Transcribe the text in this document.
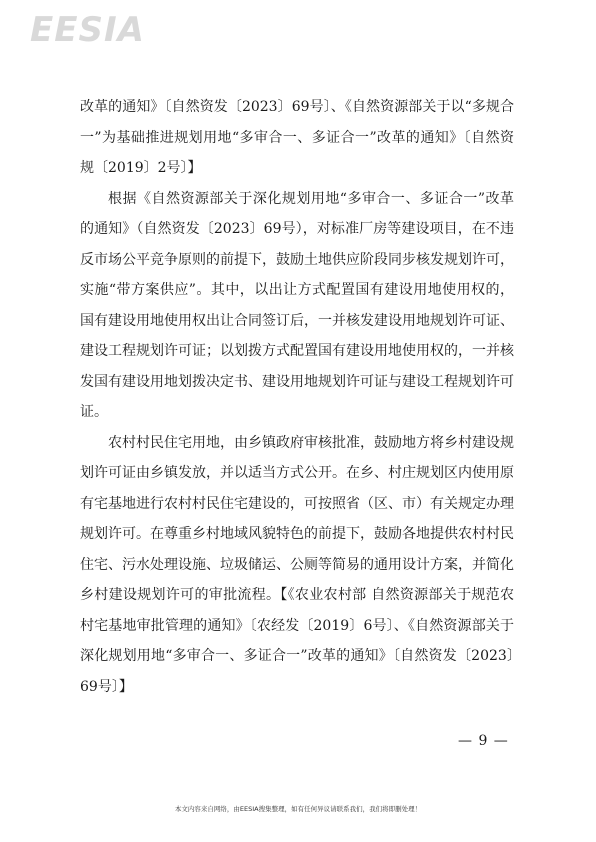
EESIA

改革的通知》〔自然资发〔2023〕69号〕、《自然资源部关于以“多规合一”为基础推进规划用地“多审合一、多证合一”改革的通知》〔自然资规〔2019〕2号〕】

根据《自然资源部关于深化规划用地“多审合一、多证合一”改革的通知》（自然资发〔2023〕69号），对标准厂房等建设项目，在不违反市场公平竞争原则的前提下，鼓励土地供应阶段同步核发规划许可，实施“带方案供应”。其中，以出让方式配置国有建设用地使用权的，国有建设用地使用权出让合同签订后，一并核发建设用地规划许可证、建设工程规划许可证；以划拨方式配置国有建设用地使用权的，一并核发国有建设用地划拨决定书、建设用地规划许可证与建设工程规划许可证。

农村村民住宅用地，由乡镇政府审核批准，鼓励地方将乡村建设规划许可证由乡镇发放，并以适当方式公开。在乡、村庄规划区内使用原有宅基地进行农村村民住宅建设的，可按照省（区、市）有关规定办理规划许可。在尊重乡村地域风貌特色的前提下，鼓励各地提供农村村民住宅、污水处理设施、垃圾储运、公厕等简易的通用设计方案，并简化乡村建设规划许可的审批流程。【《农业农村部 自然资源部关于规范农村宅基地审批管理的通知》〔农经发〔2019〕6号〕、《自然资源部关于深化规划用地“多审合一、多证合一”改革的通知》〔自然资发〔2023〕69号〕】

— 9 —
本文内容来自网络，由EESIA搜集整理，如有任何异议请联系我们，我们将即删处理！
